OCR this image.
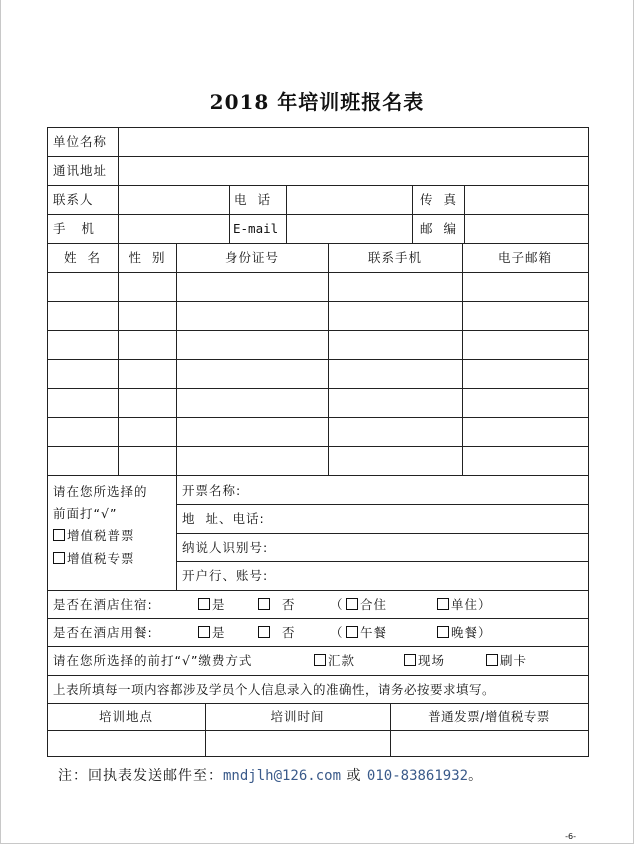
2018 年培训班报名表
单位名称
通讯地址
联系人	电  话	传  真
手   机	E-mail	邮  编
姓  名	性  别	身份证号	联系手机	电子邮箱
请在您所选择的
前面打“√”
增值税普票
增值税专票
开票名称:
地  址、电话:
纳说人识别号:
开户行、账号:
是否在酒店住宿:	是	否	（	合住	单住）
是否在酒店用餐:	是	否	（	午餐	晚餐）
请在您所选择的前打“√”缴费方式	汇款	现场	刷卡
上表所填每一项内容都涉及学员个人信息录入的准确性，请务必按要求填写。
培训地点	培训时间	普通发票/增值税专票
注：回执表发送邮件至：mndjlh@126.com 或 010-83861932。
-6-
